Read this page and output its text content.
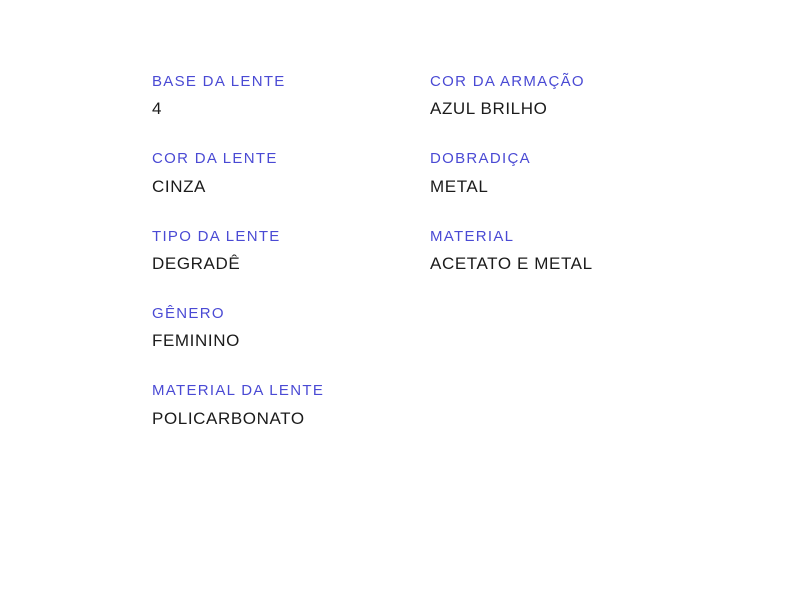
BASE DA LENTE

4

COR DA LENTE

CINZA

TIPO DA LENTE

DEGRADÊ

GÊNERO

FEMININO

MATERIAL DA LENTE

POLICARBONATO

COR DA ARMAÇÃO

AZUL BRILHO

DOBRADIÇA

METAL

MATERIAL

ACETATO E METAL
